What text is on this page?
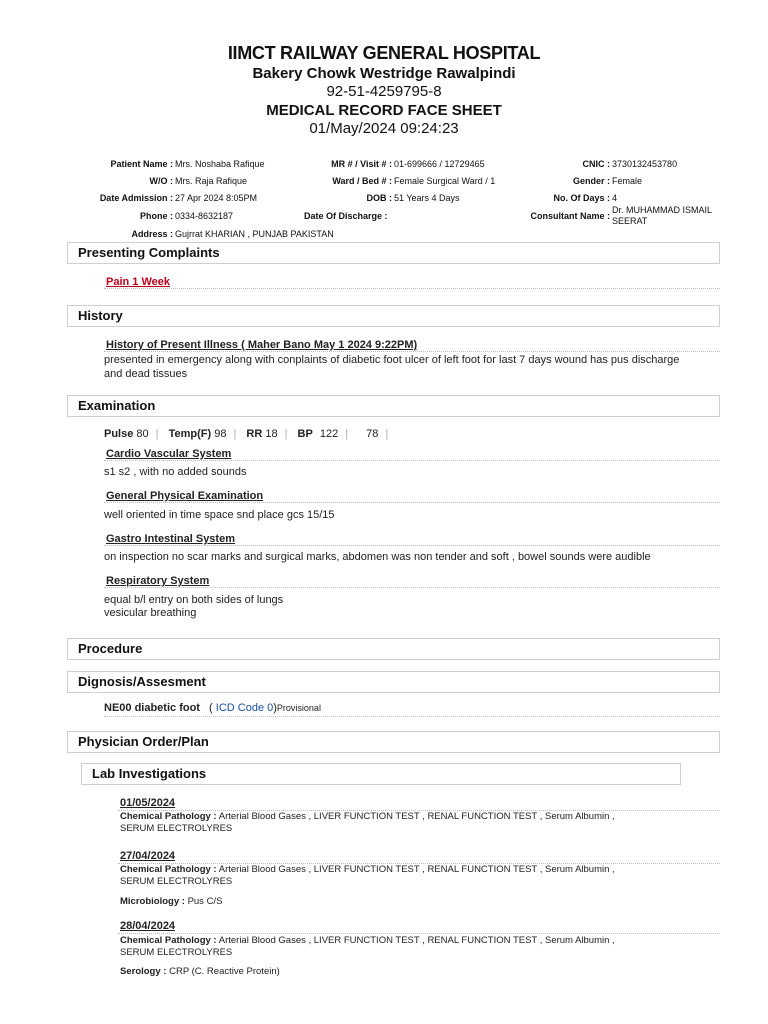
IIMCT RAILWAY GENERAL HOSPITAL
Bakery Chowk Westridge Rawalpindi
92-51-4259795-8
MEDICAL RECORD FACE SHEET
01/May/2024 09:24:23
Patient Name : Mrs. Noshaba Rafique
W/O : Mrs. Raja Rafique
Date Admission : 27 Apr 2024 8:05PM
Phone : 0334-8632187	Date Of Discharge :
Address : Gujrrat KHARIAN , PUNJAB PAKISTAN
MR # / Visit # : 01-699666 / 12729465
Ward / Bed # : Female Surgical Ward / 1
DOB : 51 Years 4 Days
CNIC : 3730132453780
Gender : Female
No. Of Days : 4
Consultant Name :
Dr. MUHAMMAD ISMAIL
SEERAT
Presenting Complaints
Pain 1 Week
History
History of Present Illness ( Maher Bano May 1 2024 9:22PM)
presented in emergency along with conplaints of diabetic foot ulcer of left foot for last 7 days wound has pus discharge
and dead tissues
Examination
Pulse 80 | Temp(F) 98 | RR 18 | BP 122 | 78 |
Cardio Vascular System
s1 s2 , with no added sounds
General Physical Examination
well oriented in time space snd place gcs 15/15
Gastro Intestinal System
on inspection no scar marks and surgical marks, abdomen was non tender and soft , bowel sounds were audible
Respiratory System
equal b/l entry on both sides of lungs
vesicular breathing
Procedure
Dignosis/Assesment
NE00 diabetic foot ( ICD Code 0)Provisional
Physician Order/Plan
Lab Investigations
01/05/2024
Chemical Pathology : Arterial Blood Gases , LIVER FUNCTION TEST , RENAL FUNCTION TEST , Serum Albumin ,
SERUM ELECTROLYRES
27/04/2024
Chemical Pathology : Arterial Blood Gases , LIVER FUNCTION TEST , RENAL FUNCTION TEST , Serum Albumin ,
SERUM ELECTROLYRES
Microbiology : Pus C/S
28/04/2024
Chemical Pathology : Arterial Blood Gases , LIVER FUNCTION TEST , RENAL FUNCTION TEST , Serum Albumin ,
SERUM ELECTROLYRES
Serology : CRP (C. Reactive Protein)
